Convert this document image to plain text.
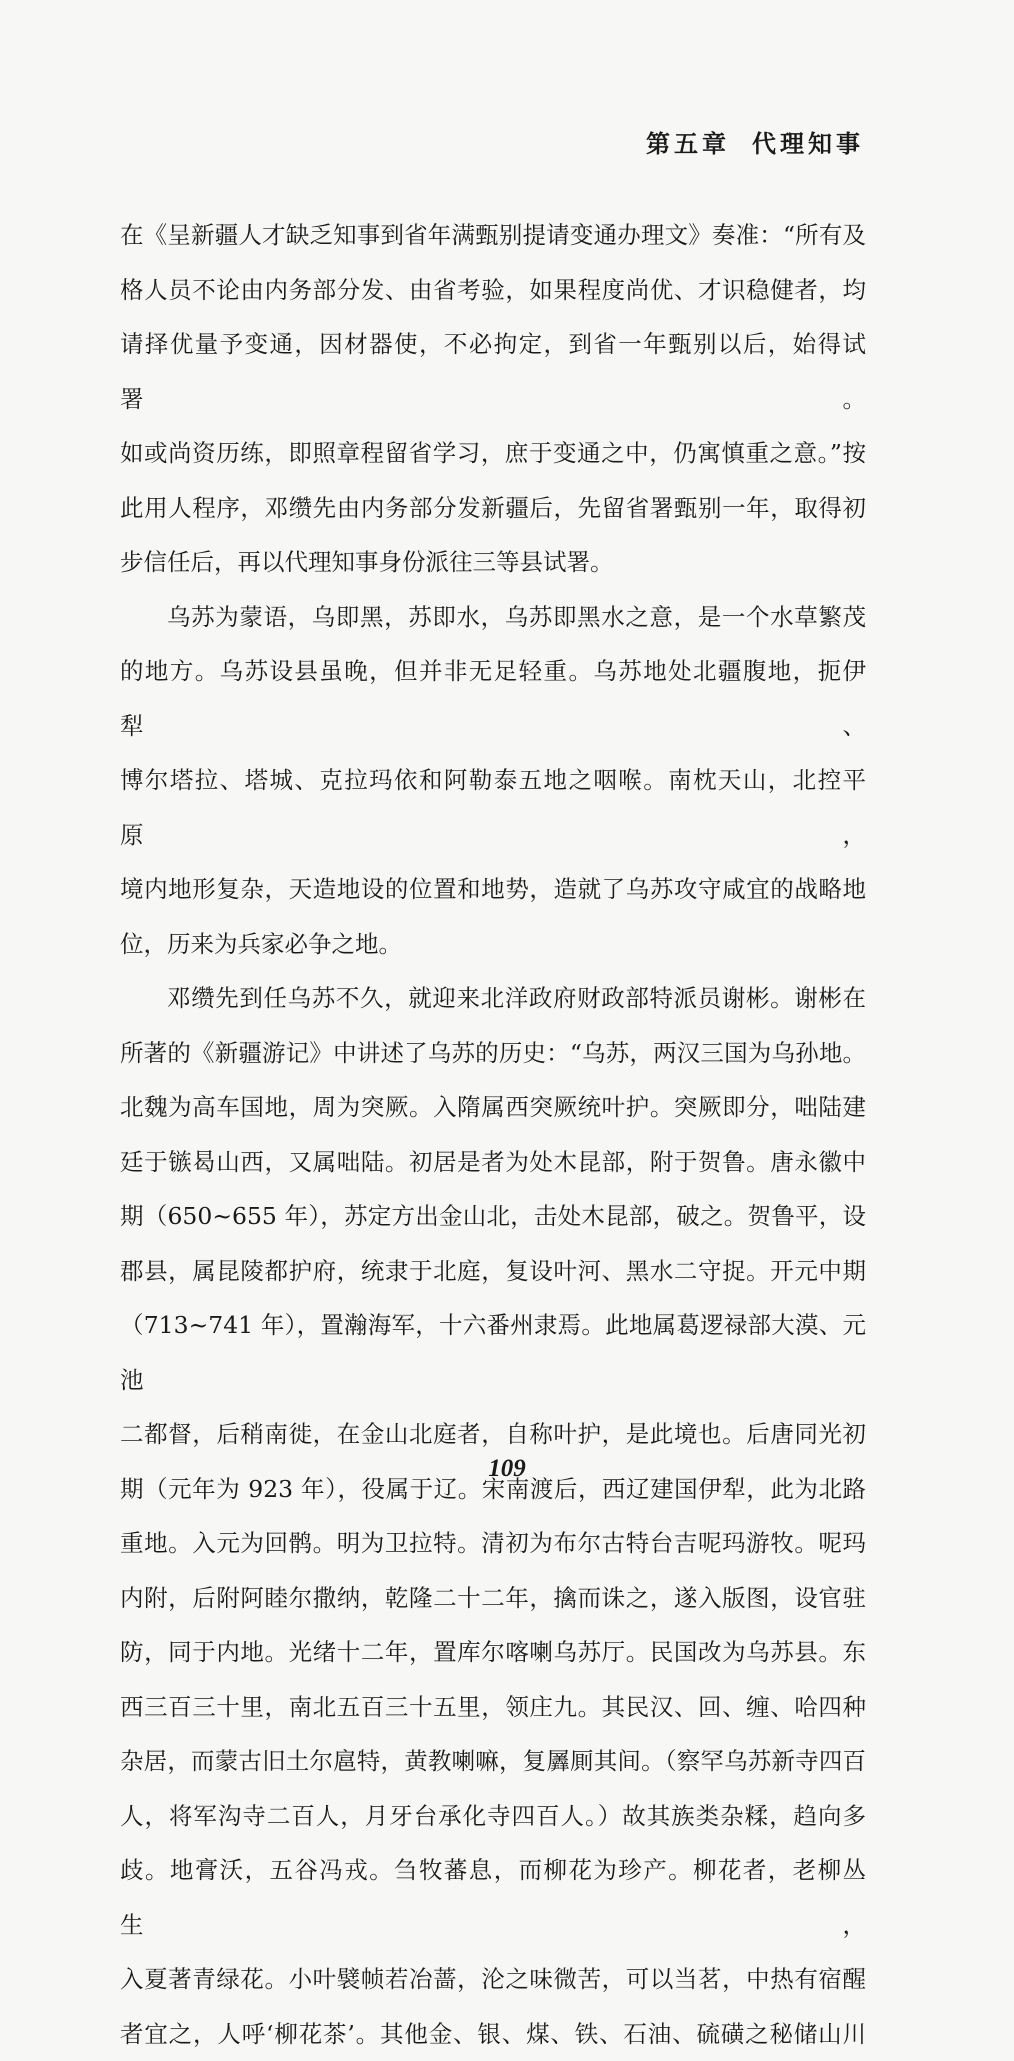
第五章 代理知事

在《呈新疆人才缺乏知事到省年满甄别提请变通办理文》奏准：“所有及

格人员不论由内务部分发、由省考验，如果程度尚优、才识稳健者，均

请择优量予变通，因材器使，不必拘定，到省一年甄别以后，始得试署。

如或尚资历练，即照章程留省学习，庶于变通之中，仍寓慎重之意。”按

此用人程序，邓缵先由内务部分发新疆后，先留省署甄别一年，取得初

步信任后，再以代理知事身份派往三等县试署。

乌苏为蒙语，乌即黑，苏即水，乌苏即黑水之意，是一个水草繁茂

的地方。乌苏设县虽晚，但并非无足轻重。乌苏地处北疆腹地，扼伊犁、

博尔塔拉、塔城、克拉玛依和阿勒泰五地之咽喉。南枕天山，北控平原，

境内地形复杂，天造地设的位置和地势，造就了乌苏攻守咸宜的战略地

位，历来为兵家必争之地。

邓缵先到任乌苏不久，就迎来北洋政府财政部特派员谢彬。谢彬在

所著的《新疆游记》中讲述了乌苏的历史：“乌苏，两汉三国为乌孙地。

北魏为高车国地，周为突厥。入隋属西突厥统叶护。突厥即分，咄陆建

廷于镞曷山西，又属咄陆。初居是者为处木昆部，附于贺鲁。唐永徽中

期（650~655 年），苏定方出金山北，击处木昆部，破之。贺鲁平，设

郡县，属昆陵都护府，统隶于北庭，复设叶河、黑水二守捉。开元中期

（713~741 年），置瀚海军，十六番州隶焉。此地属葛逻禄部大漠、元池

二都督，后稍南徙，在金山北庭者，自称叶护，是此境也。后唐同光初

期（元年为 923 年），役属于辽。宋南渡后，西辽建国伊犁，此为北路

重地。入元为回鹘。明为卫拉特。清初为布尔古特台吉呢玛游牧。呢玛

内附，后附阿睦尔撒纳，乾隆二十二年，擒而诛之，遂入版图，设官驻

防，同于内地。光绪十二年，置库尔喀喇乌苏厅。民国改为乌苏县。东

西三百三十里，南北五百三十五里，领庄九。其民汉、回、缠、哈四种

杂居，而蒙古旧土尔扈特，黄教喇嘛，复羼厠其间。（察罕乌苏新寺四百

人，将军沟寺二百人，月牙台承化寺四百人。）故其族类杂糅，趋向多

歧。地膏沃，五谷冯戎。刍牧蕃息，而柳花为珍产。柳花者，老柳丛生，

入夏著青绿花。小叶襞帧若冶蔷，沦之味微苦，可以当茗，中热有宿醒

者宜之，人呼‘柳花茶’。其他金、银、煤、铁、石油、硫磺之秘储山川

109
